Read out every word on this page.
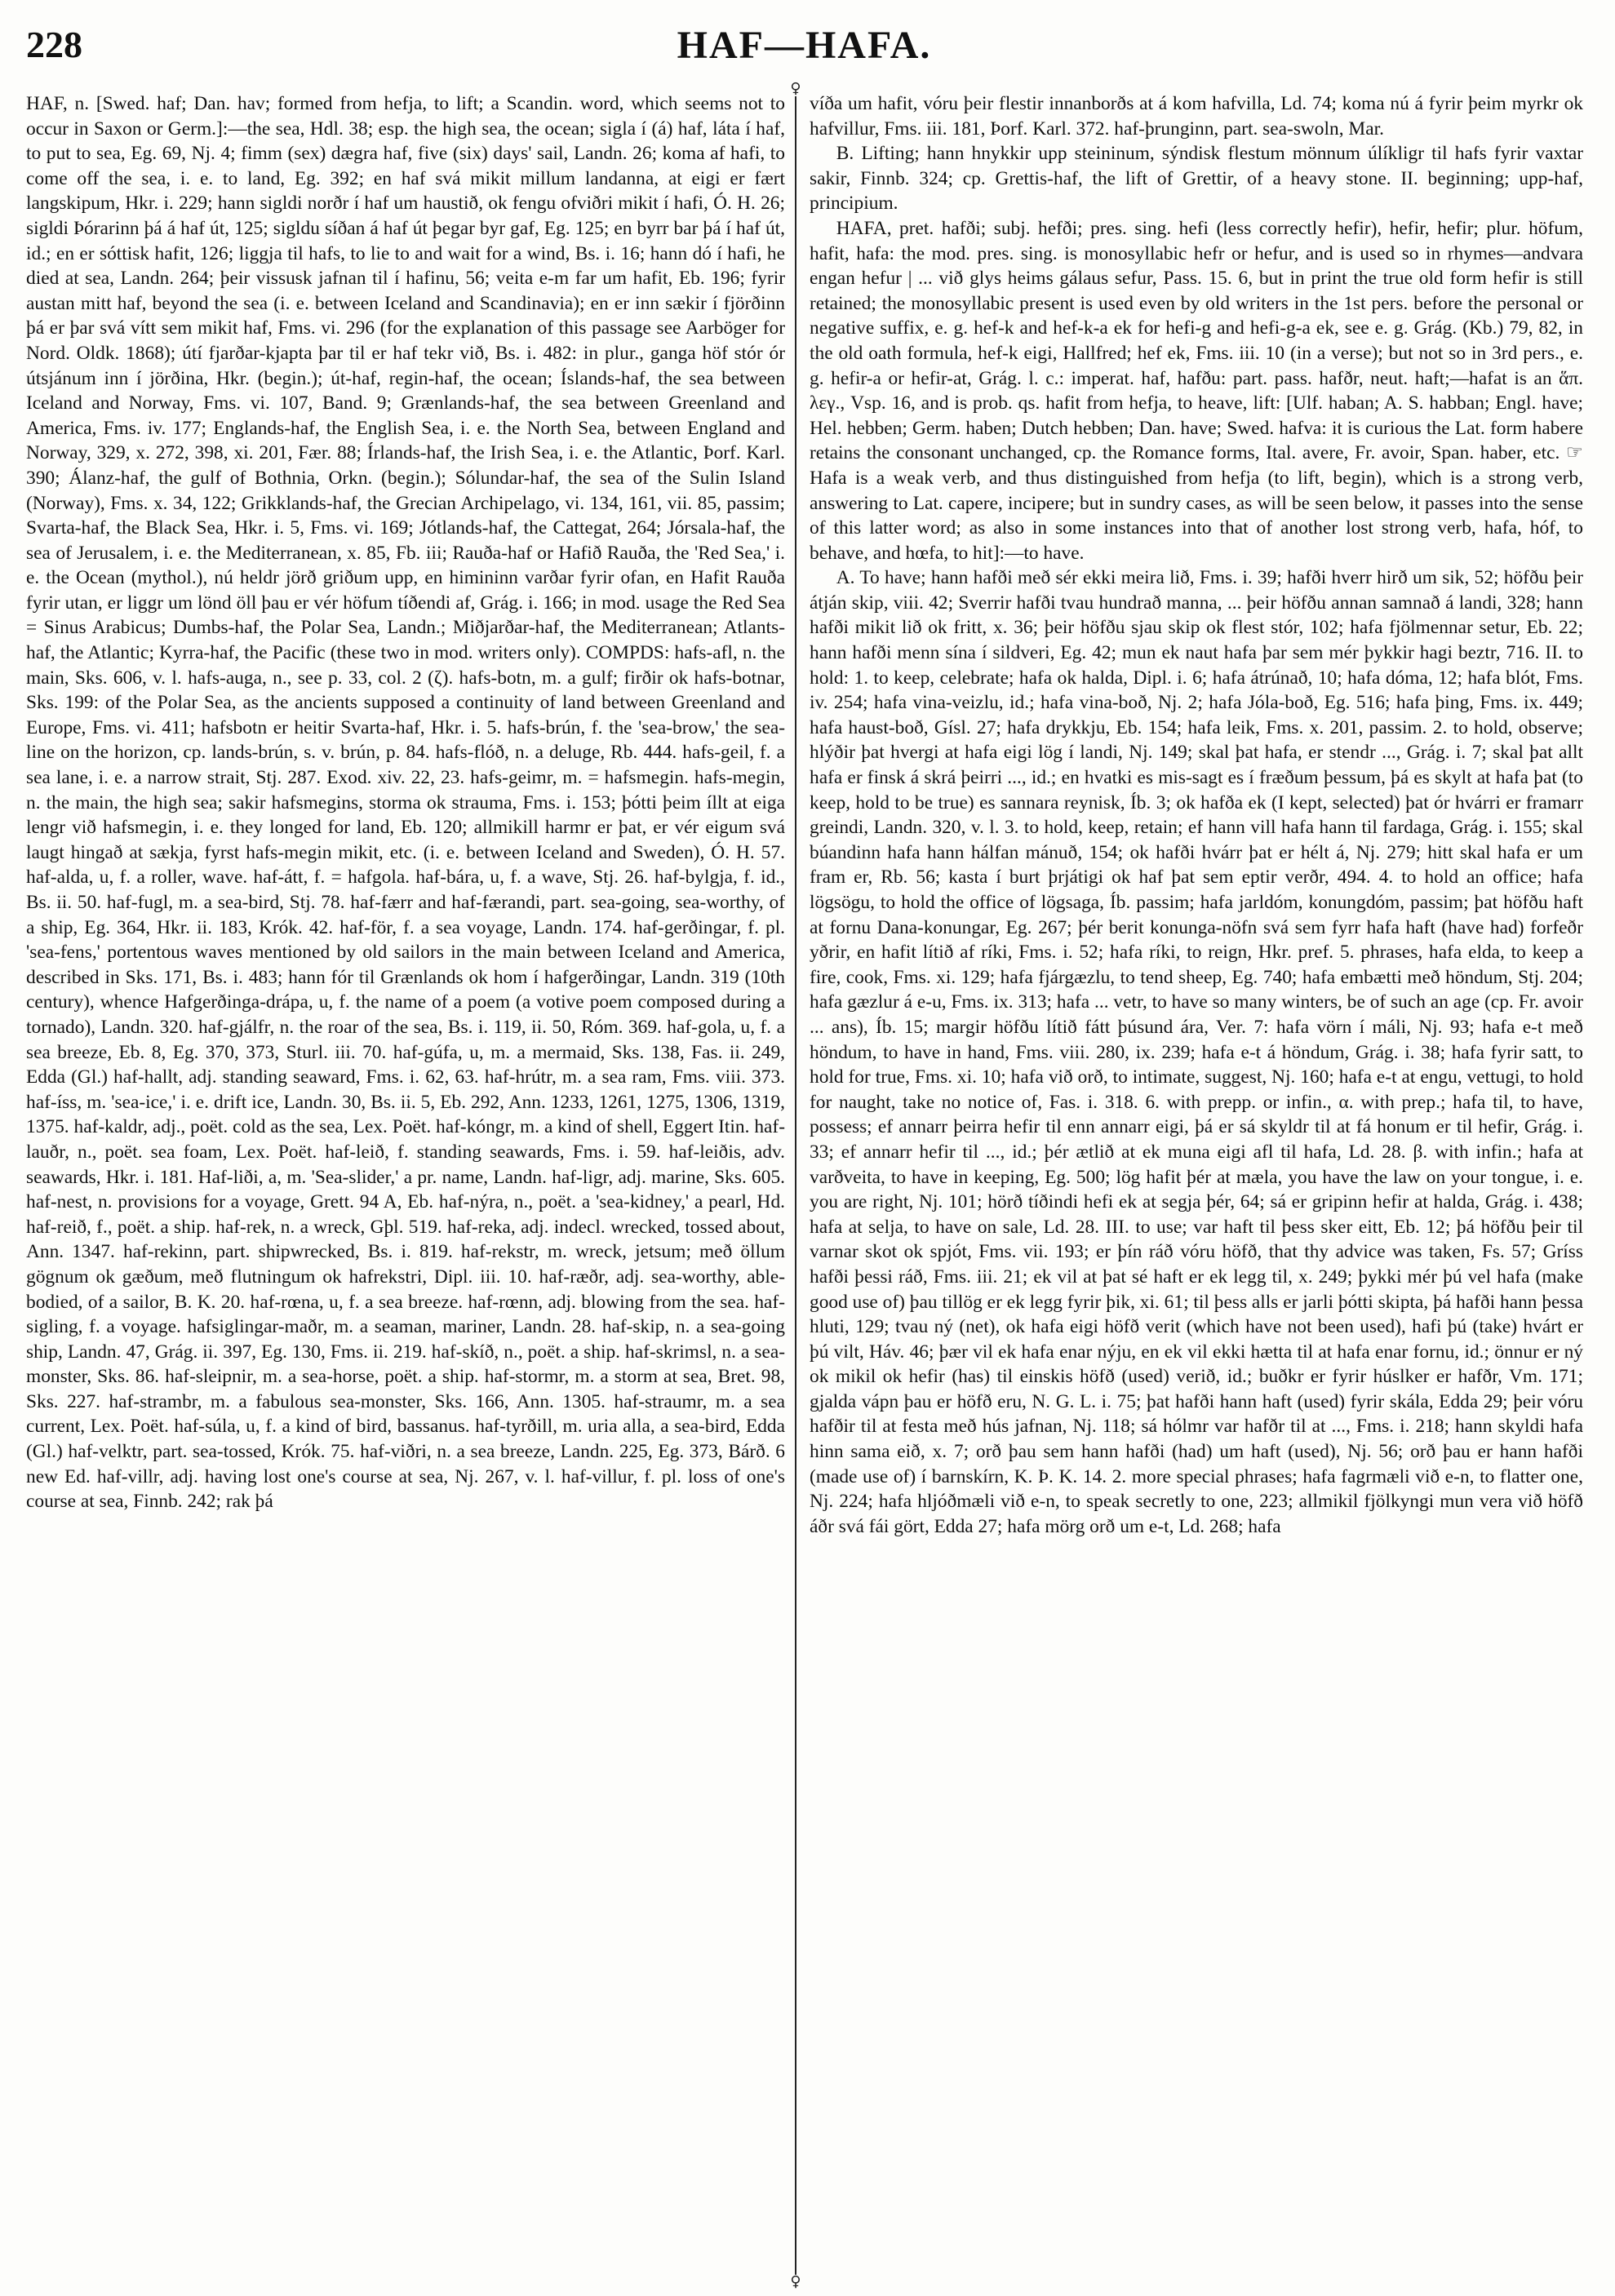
228	HAF—HAFA.
♀
♀

HAF, n. [Swed. haf; Dan. hav; formed from hefja, to lift; a Scandin. word, which seems not to occur in Saxon or Germ.]:—the sea, Hdl. 38; esp. the high sea, the ocean; sigla í (á) haf, láta í haf, to put to sea, Eg. 69, Nj. 4; fimm (sex) dægra haf, five (six) days' sail, Landn. 26; koma af hafi, to come off the sea, i. e. to land, Eg. 392; en haf svá mikit millum landanna, at eigi er fært langskipum, Hkr. i. 229; hann sigldi norðr í haf um haustið, ok fengu ofviðri mikit í hafi, Ó. H. 26; sigldi Þórarinn þá á haf út, 125; sigldu síðan á haf út þegar byr gaf, Eg. 125; en byrr bar þá í haf út, id.; en er sóttisk hafit, 126; liggja til hafs, to lie to and wait for a wind, Bs. i. 16; hann dó í hafi, he died at sea, Landn. 264; þeir vissusk jafnan til í hafinu, 56; veita e-m far um hafit, Eb. 196; fyrir austan mitt haf, beyond the sea (i. e. between Iceland and Scandinavia); en er inn sækir í fjörðinn þá er þar svá vítt sem mikit haf, Fms. vi. 296 (for the explanation of this passage see Aarböger for Nord. Oldk. 1868); útí fjarðar-kjapta þar til er haf tekr við, Bs. i. 482: in plur., ganga höf stór ór útsjánum inn í jörðina, Hkr. (begin.); út-haf, regin-haf, the ocean; Íslands-haf, the sea between Iceland and Norway, Fms. vi. 107, Band. 9; Grænlands-haf, the sea between Greenland and America, Fms. iv. 177; Englands-haf, the English Sea, i. e. the North Sea, between England and Norway, 329, x. 272, 398, xi. 201, Fær. 88; Írlands-haf, the Irish Sea, i. e. the Atlantic, Þorf. Karl. 390; Álanz-haf, the gulf of Bothnia, Orkn. (begin.); Sólundar-haf, the sea of the Sulin Island (Norway), Fms. x. 34, 122; Grikklands-haf, the Grecian Archipelago, vi. 134, 161, vii. 85, passim; Svarta-haf, the Black Sea, Hkr. i. 5, Fms. vi. 169; Jótlands-haf, the Cattegat, 264; Jórsala-haf, the sea of Jerusalem, i. e. the Mediterranean, x. 85, Fb. iii; Rauða-haf or Hafið Rauða, the 'Red Sea,' i. e. the Ocean (mythol.), nú heldr jörð griðum upp, en himininn varðar fyrir ofan, en Hafit Rauða fyrir utan, er liggr um lönd öll þau er vér höfum tíðendi af, Grág. i. 166; in mod. usage the Red Sea = Sinus Arabicus; Dumbs-haf, the Polar Sea, Landn.; Miðjarðar-haf, the Mediterranean; Atlants-haf, the Atlantic; Kyrra-haf, the Pacific (these two in mod. writers only). COMPDS: hafs-afl, n. the main, Sks. 606, v. l. hafs-auga, n., see p. 33, col. 2 (ζ). hafs-botn, m. a gulf; firðir ok hafs-botnar, Sks. 199: of the Polar Sea, as the ancients supposed a continuity of land between Greenland and Europe, Fms. vi. 411; hafsbotn er heitir Svarta-haf, Hkr. i. 5. hafs-brún, f. the 'sea-brow,' the sea-line on the horizon, cp. lands-brún, s. v. brún, p. 84. hafs-flóð, n. a deluge, Rb. 444. hafs-geil, f. a sea lane, i. e. a narrow strait, Stj. 287. Exod. xiv. 22, 23. hafs-geimr, m. = hafsmegin. hafs-megin, n. the main, the high sea; sakir hafsmegins, storma ok strauma, Fms. i. 153; þótti þeim íllt at eiga lengr við hafsmegin, i. e. they longed for land, Eb. 120; allmikill harmr er þat, er vér eigum svá laugt hingað at sækja, fyrst hafs-megin mikit, etc. (i. e. between Iceland and Sweden), Ó. H. 57. haf-alda, u, f. a roller, wave. haf-átt, f. = hafgola. haf-bára, u, f. a wave, Stj. 26. haf-bylgja, f. id., Bs. ii. 50. haf-fugl, m. a sea-bird, Stj. 78. haf-færr and haf-færandi, part. sea-going, sea-worthy, of a ship, Eg. 364, Hkr. ii. 183, Krók. 42. haf-för, f. a sea voyage, Landn. 174. haf-gerðingar, f. pl. 'sea-fens,' portentous waves mentioned by old sailors in the main between Iceland and America, described in Sks. 171, Bs. i. 483; hann fór til Grænlands ok hom í hafgerðingar, Landn. 319 (10th century), whence Hafgerðinga-drápa, u, f. the name of a poem (a votive poem composed during a tornado), Landn. 320. haf-gjálfr, n. the roar of the sea, Bs. i. 119, ii. 50, Róm. 369. haf-gola, u, f. a sea breeze, Eb. 8, Eg. 370, 373, Sturl. iii. 70. haf-gúfa, u, m. a mermaid, Sks. 138, Fas. ii. 249, Edda (Gl.) haf-hallt, adj. standing seaward, Fms. i. 62, 63. haf-hrútr, m. a sea ram, Fms. viii. 373. haf-íss, m. 'sea-ice,' i. e. drift ice, Landn. 30, Bs. ii. 5, Eb. 292, Ann. 1233, 1261, 1275, 1306, 1319, 1375. haf-kaldr, adj., poët. cold as the sea, Lex. Poët. haf-kóngr, m. a kind of shell, Eggert Itin. haf-lauðr, n., poët. sea foam, Lex. Poët. haf-leið, f. standing seawards, Fms. i. 59. haf-leiðis, adv. seawards, Hkr. i. 181. Haf-liði, a, m. 'Sea-slider,' a pr. name, Landn. haf-ligr, adj. marine, Sks. 605. haf-nest, n. provisions for a voyage, Grett. 94 A, Eb. haf-nýra, n., poët. a 'sea-kidney,' a pearl, Hd. haf-reið, f., poët. a ship. haf-rek, n. a wreck, Gþl. 519. haf-reka, adj. indecl. wrecked, tossed about, Ann. 1347. haf-rekinn, part. shipwrecked, Bs. i. 819. haf-rekstr, m. wreck, jetsum; með öllum gögnum ok gæðum, með flutningum ok hafrekstri, Dipl. iii. 10. haf-ræðr, adj. sea-worthy, able-bodied, of a sailor, B. K. 20. haf-rœna, u, f. a sea breeze. haf-rœnn, adj. blowing from the sea. haf-sigling, f. a voyage. hafsiglingar-maðr, m. a seaman, mariner, Landn. 28. haf-skip, n. a sea-going ship, Landn. 47, Grág. ii. 397, Eg. 130, Fms. ii. 219. haf-skíð, n., poët. a ship. haf-skrimsl, n. a sea-monster, Sks. 86. haf-sleipnir, m. a sea-horse, poët. a ship. haf-stormr, m. a storm at sea, Bret. 98, Sks. 227. haf-strambr, m. a fabulous sea-monster, Sks. 166, Ann. 1305. haf-straumr, m. a sea current, Lex. Poët. haf-súla, u, f. a kind of bird, bassanus. haf-tyrðill, m. uria alla, a sea-bird, Edda (Gl.) haf-velktr, part. sea-tossed, Krók. 75. haf-viðri, n. a sea breeze, Landn. 225, Eg. 373, Bárð. 6 new Ed. haf-villr, adj. having lost one's course at sea, Nj. 267, v. l. haf-villur, f. pl. loss of one's course at sea, Finnb. 242; rak þá

víða um hafit, vóru þeir flestir innanborðs at á kom hafvilla, Ld. 74; koma nú á fyrir þeim myrkr ok hafvillur, Fms. iii. 181, Þorf. Karl. 372. haf-þrunginn, part. sea-swoln, Mar.

B. Lifting; hann hnykkir upp steininum, sýndisk flestum mönnum úlíkligr til hafs fyrir vaxtar sakir, Finnb. 324; cp. Grettis-haf, the lift of Grettir, of a heavy stone. II. beginning; upp-haf, principium.

HAFA, pret. hafði; subj. hefði; pres. sing. hefi (less correctly hefir), hefir, hefir; plur. höfum, hafit, hafa: the mod. pres. sing. is monosyllabic hefr or hefur, and is used so in rhymes—andvara engan hefur | ... við glys heims gálaus sefur, Pass. 15. 6, but in print the true old form hefir is still retained; the monosyllabic present is used even by old writers in the 1st pers. before the personal or negative suffix, e. g. hef-k and hef-k-a ek for hefi-g and hefi-g-a ek, see e. g. Grág. (Kb.) 79, 82, in the old oath formula, hef-k eigi, Hallfred; hef ek, Fms. iii. 10 (in a verse); but not so in 3rd pers., e. g. hefir-a or hefir-at, Grág. l. c.: imperat. haf, hafðu: part. pass. hafðr, neut. haft;—hafat is an ἅπ. λεγ., Vsp. 16, and is prob. qs. hafit from hefja, to heave, lift: [Ulf. haban; A. S. habban; Engl. have; Hel. hebben; Germ. haben; Dutch hebben; Dan. have; Swed. hafva: it is curious the Lat. form habere retains the consonant unchanged, cp. the Romance forms, Ital. avere, Fr. avoir, Span. haber, etc. ☞ Hafa is a weak verb, and thus distinguished from hefja (to lift, begin), which is a strong verb, answering to Lat. capere, incipere; but in sundry cases, as will be seen below, it passes into the sense of this latter word; as also in some instances into that of another lost strong verb, hafa, hóf, to behave, and hœfa, to hit]:—to have.

A. To have; hann hafði með sér ekki meira lið, Fms. i. 39; hafði hverr hirð um sik, 52; höfðu þeir átján skip, viii. 42; Sverrir hafði tvau hundrað manna, ... þeir höfðu annan samnað á landi, 328; hann hafði mikit lið ok fritt, x. 36; þeir höfðu sjau skip ok flest stór, 102; hafa fjölmennar setur, Eb. 22; hann hafði menn sína í sildveri, Eg. 42; mun ek naut hafa þar sem mér þykkir hagi beztr, 716. II. to hold: 1. to keep, celebrate; hafa ok halda, Dipl. i. 6; hafa átrúnað, 10; hafa dóma, 12; hafa blót, Fms. iv. 254; hafa vina-veizlu, id.; hafa vina-boð, Nj. 2; hafa Jóla-boð, Eg. 516; hafa þing, Fms. ix. 449; hafa haust-boð, Gísl. 27; hafa drykkju, Eb. 154; hafa leik, Fms. x. 201, passim. 2. to hold, observe; hlýðir þat hvergi at hafa eigi lög í landi, Nj. 149; skal þat hafa, er stendr ..., Grág. i. 7; skal þat allt hafa er finsk á skrá þeirri ..., id.; en hvatki es mis-sagt es í fræðum þessum, þá es skylt at hafa þat (to keep, hold to be true) es sannara reynisk, Íb. 3; ok hafða ek (I kept, selected) þat ór hvárri er framarr greindi, Landn. 320, v. l. 3. to hold, keep, retain; ef hann vill hafa hann til fardaga, Grág. i. 155; skal búandinn hafa hann hálfan mánuð, 154; ok hafði hvárr þat er hélt á, Nj. 279; hitt skal hafa er um fram er, Rb. 56; kasta í burt þrjátigi ok haf þat sem eptir verðr, 494. 4. to hold an office; hafa lögsögu, to hold the office of lögsaga, Íb. passim; hafa jarldóm, konungdóm, passim; þat höfðu haft at fornu Dana-konungar, Eg. 267; þér berit konunga-nöfn svá sem fyrr hafa haft (have had) forfeðr yðrir, en hafit lítið af ríki, Fms. i. 52; hafa ríki, to reign, Hkr. pref. 5. phrases, hafa elda, to keep a fire, cook, Fms. xi. 129; hafa fjárgæzlu, to tend sheep, Eg. 740; hafa embætti með höndum, Stj. 204; hafa gæzlur á e-u, Fms. ix. 313; hafa ... vetr, to have so many winters, be of such an age (cp. Fr. avoir ... ans), Íb. 15; margir höfðu lítið fátt þúsund ára, Ver. 7: hafa vörn í máli, Nj. 93; hafa e-t með höndum, to have in hand, Fms. viii. 280, ix. 239; hafa e-t á höndum, Grág. i. 38; hafa fyrir satt, to hold for true, Fms. xi. 10; hafa við orð, to intimate, suggest, Nj. 160; hafa e-t at engu, vettugi, to hold for naught, take no notice of, Fas. i. 318. 6. with prepp. or infin., α. with prep.; hafa til, to have, possess; ef annarr þeirra hefir til enn annarr eigi, þá er sá skyldr til at fá honum er til hefir, Grág. i. 33; ef annarr hefir til ..., id.; þér ætlið at ek muna eigi afl til hafa, Ld. 28. β. with infin.; hafa at varðveita, to have in keeping, Eg. 500; lög hafit þér at mæla, you have the law on your tongue, i. e. you are right, Nj. 101; hörð tíðindi hefi ek at segja þér, 64; sá er gripinn hefir at halda, Grág. i. 438; hafa at selja, to have on sale, Ld. 28. III. to use; var haft til þess sker eitt, Eb. 12; þá höfðu þeir til varnar skot ok spjót, Fms. vii. 193; er þín ráð vóru höfð, that thy advice was taken, Fs. 57; Gríss hafði þessi ráð, Fms. iii. 21; ek vil at þat sé haft er ek legg til, x. 249; þykki mér þú vel hafa (make good use of) þau tillög er ek legg fyrir þik, xi. 61; til þess alls er jarli þótti skipta, þá hafði hann þessa hluti, 129; tvau ný (net), ok hafa eigi höfð verit (which have not been used), hafi þú (take) hvárt er þú vilt, Háv. 46; þær vil ek hafa enar nýju, en ek vil ekki hætta til at hafa enar fornu, id.; önnur er ný ok mikil ok hefir (has) til einskis höfð (used) verið, id.; buðkr er fyrir húslker er hafðr, Vm. 171; gjalda vápn þau er höfð eru, N. G. L. i. 75; þat hafði hann haft (used) fyrir skála, Edda 29; þeir vóru hafðir til at festa með hús jafnan, Nj. 118; sá hólmr var hafðr til at ..., Fms. i. 218; hann skyldi hafa hinn sama eið, x. 7; orð þau sem hann hafði (had) um haft (used), Nj. 56; orð þau er hann hafði (made use of) í barnskírn, K. Þ. K. 14. 2. more special phrases; hafa fagrmæli við e-n, to flatter one, Nj. 224; hafa hljóðmæli við e-n, to speak secretly to one, 223; allmikil fjölkyngi mun vera við höfð áðr svá fái gört, Edda 27; hafa mörg orð um e-t, Ld. 268; hafa
